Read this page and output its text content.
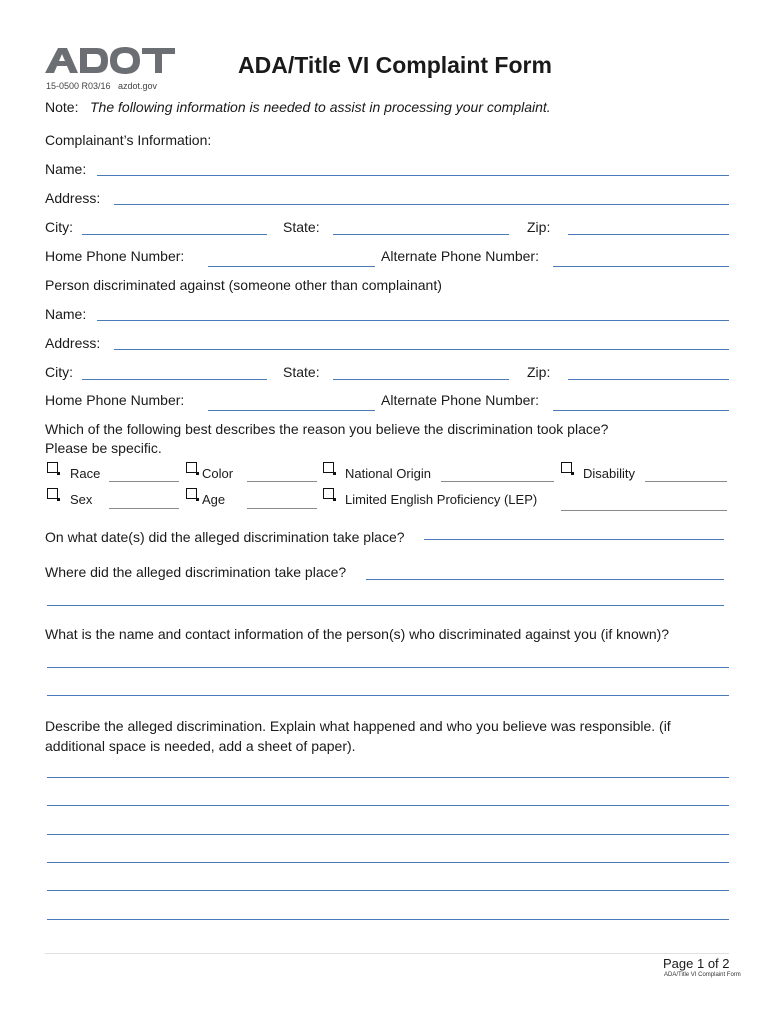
15-0500 R03/16 azdot.gov
ADA/Title VI Complaint Form
Note: The following information is needed to assist in processing your complaint.
Complainant’s Information:
Name:
Address:
City:	State:	Zip:
Home Phone Number:	Alternate Phone Number:
Person discriminated against (someone other than complainant)
Name:
Address:
City:	State:	Zip:
Home Phone Number:	Alternate Phone Number:
Which of the following best describes the reason you believe the discrimination took place?
Please be specific.
Race	Color	National Origin	Disability
Sex	Age	Limited English Proficiency (LEP)
On what date(s) did the alleged discrimination take place?
Where did the alleged discrimination take place?
What is the name and contact information of the person(s) who discriminated against you (if known)?
Describe the alleged discrimination. Explain what happened and who you believe was responsible. (if
additional space is needed, add a sheet of paper).
Page 1 of 2
ADA/Title VI Complaint Form
